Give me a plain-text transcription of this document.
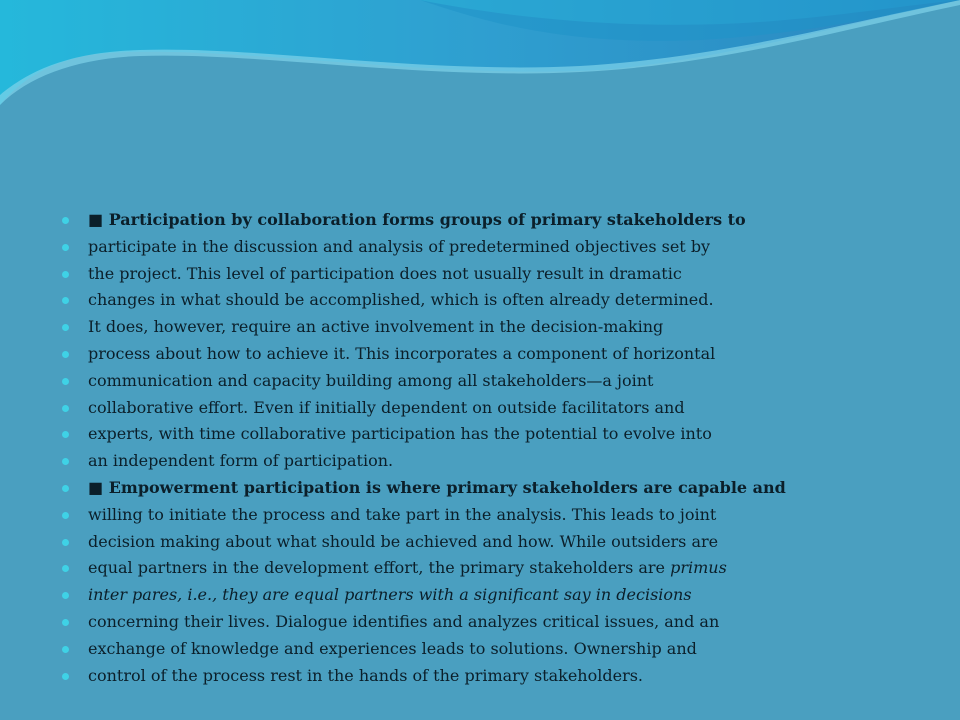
■ Participation by collaboration forms groups of primary stakeholders to
participate in the discussion and analysis of predetermined objectives set by
the project. This level of participation does not usually result in dramatic
changes in what should be accomplished, which is often already determined.
It does, however, require an active involvement in the decision-making
process about how to achieve it. This incorporates a component of horizontal
communication and capacity building among all stakeholders—a joint
collaborative effort. Even if initially dependent on outside facilitators and
experts, with time collaborative participation has the potential to evolve into
an independent form of participation.
■ Empowerment participation is where primary stakeholders are capable and
willing to initiate the process and take part in the analysis. This leads to joint
decision making about what should be achieved and how. While outsiders are
equal partners in the development effort, the primary stakeholders are primus
inter pares, i.e., they are equal partners with a significant say in decisions
concerning their lives. Dialogue identifies and analyzes critical issues, and an
exchange of knowledge and experiences leads to solutions. Ownership and
control of the process rest in the hands of the primary stakeholders.
